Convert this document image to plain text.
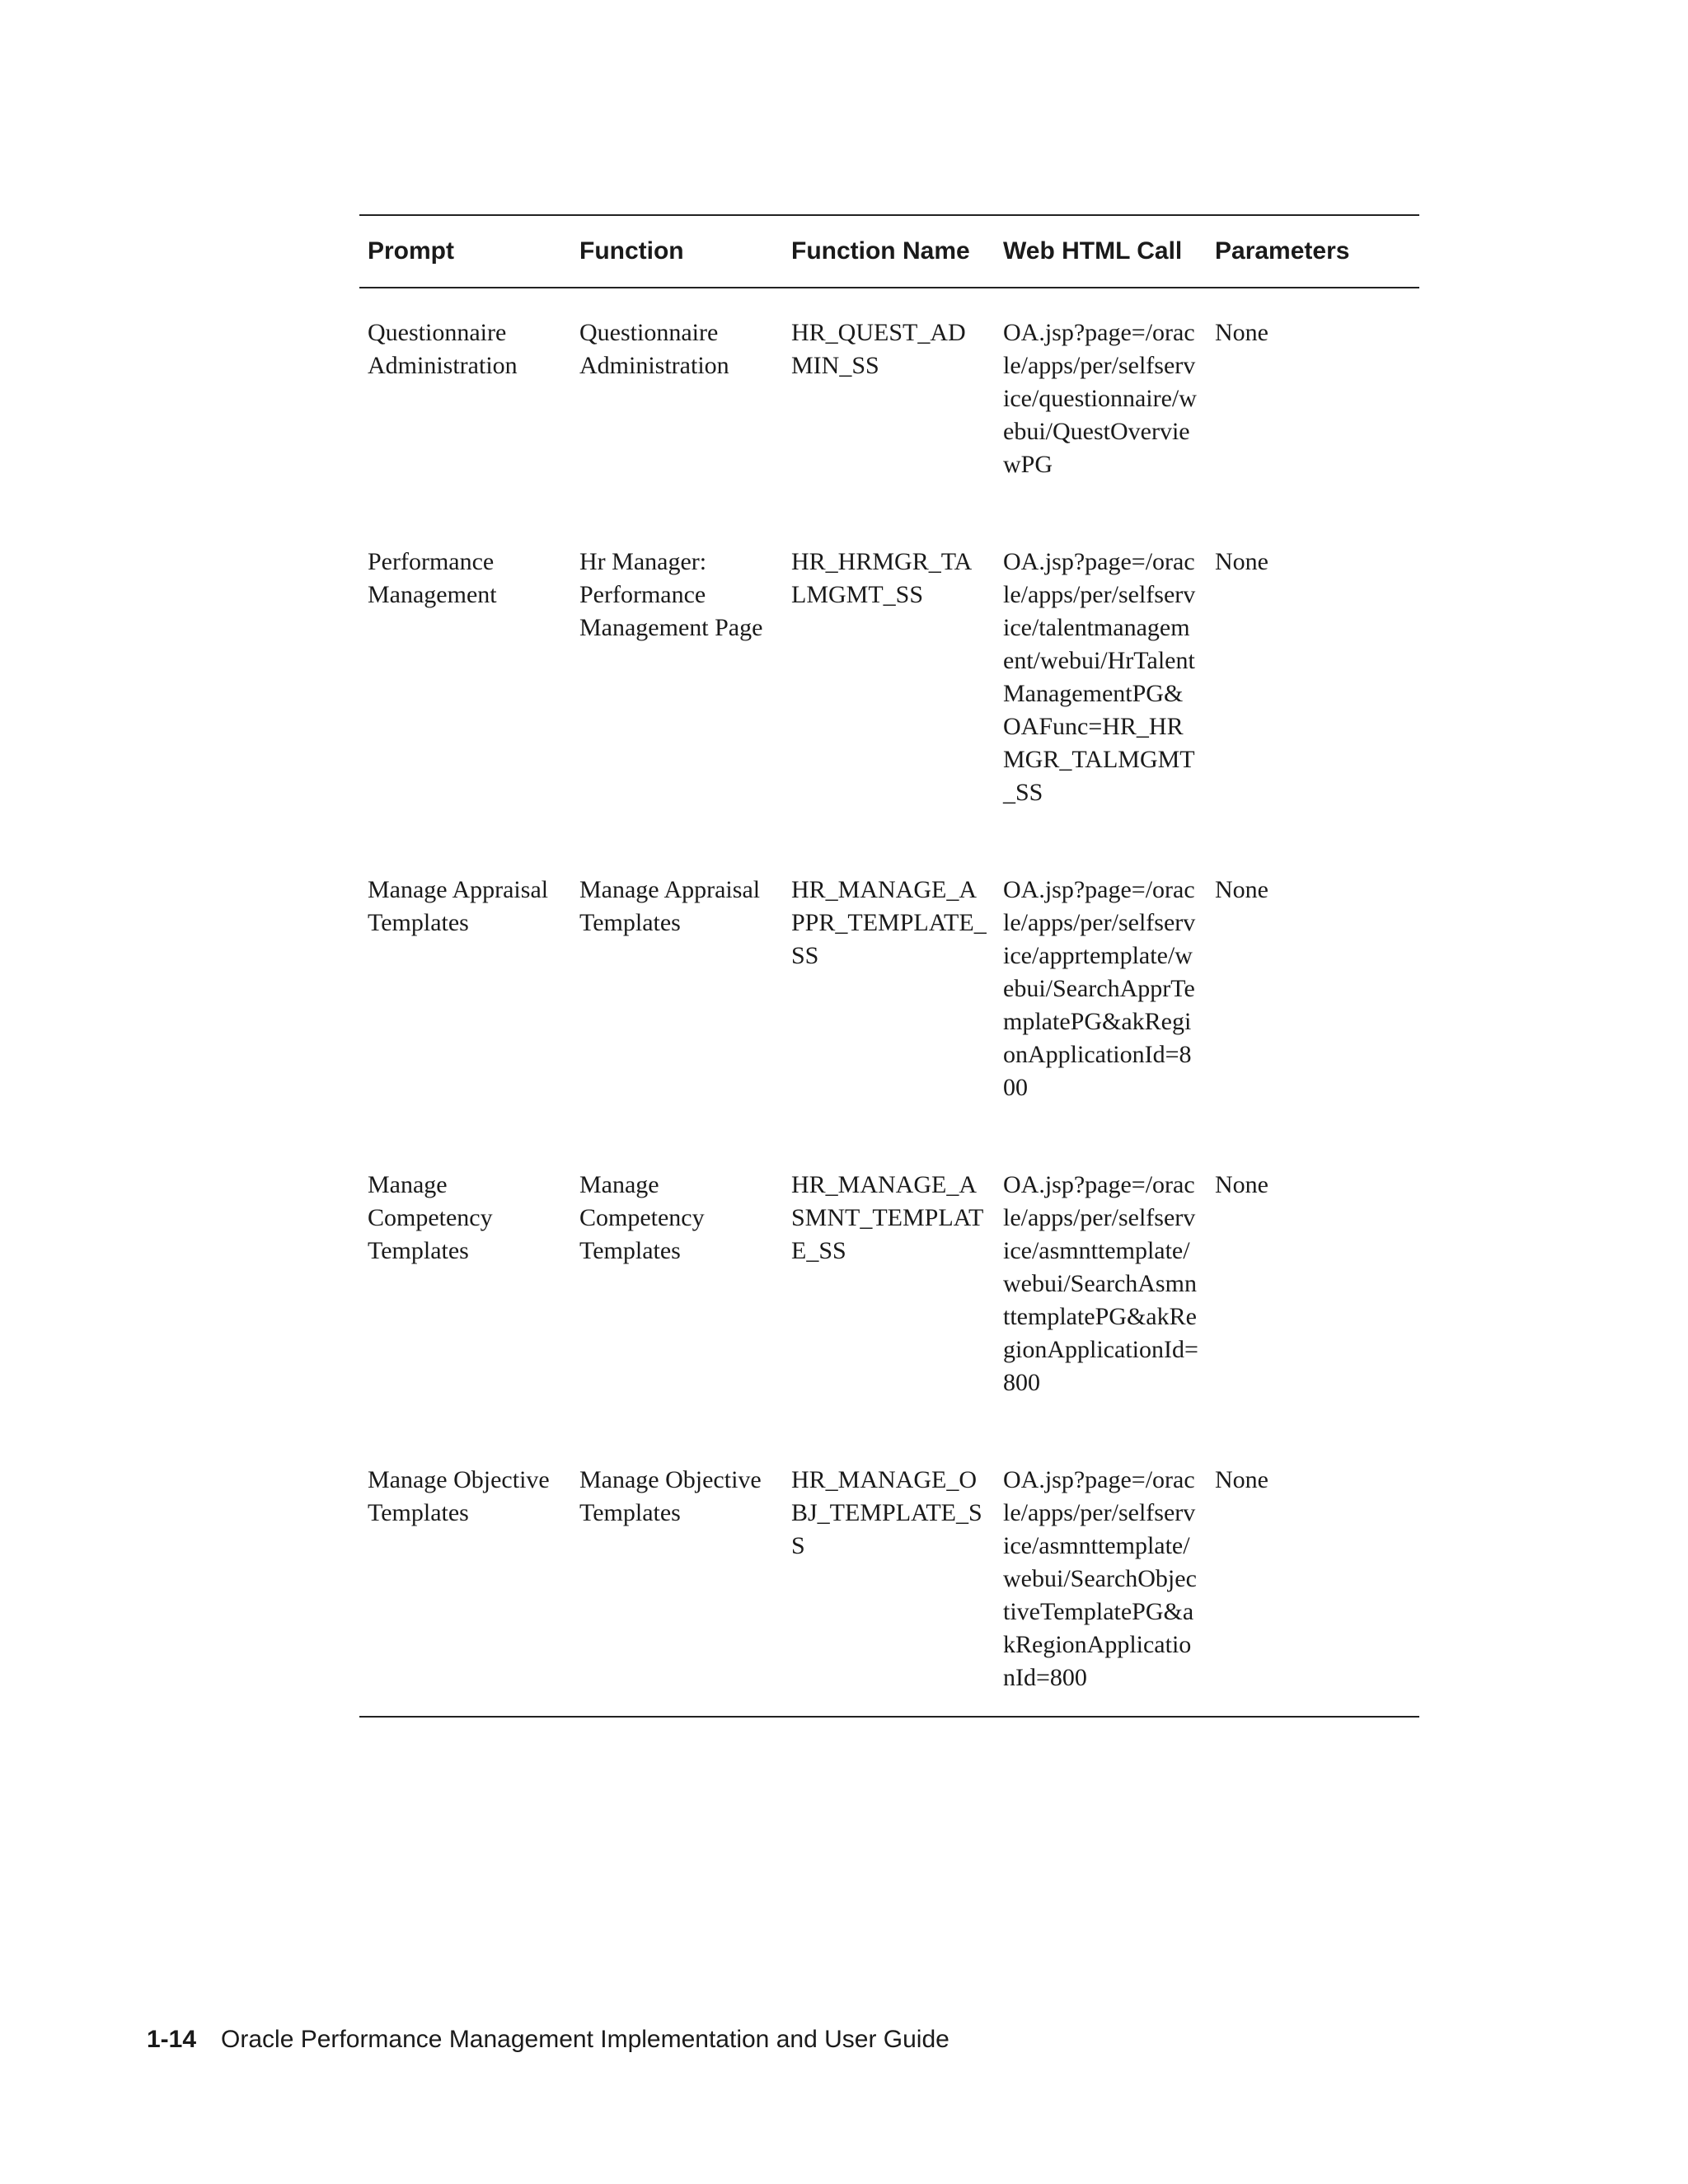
Prompt	Function	Function Name	Web HTML Call	Parameters
Questionnaire Administration	Questionnaire Administration	HR_QUEST_ADMIN_SS	OA.jsp?page=/oracle/apps/per/selfservice/questionnaire/webui/QuestOverviewPG	None
Performance Management	Hr Manager: Performance Management Page	HR_HRMGR_TALMGMT_SS	OA.jsp?page=/oracle/apps/per/selfservice/talentmanagement/webui/HrTalentManagementPG&OAFunc=HR_HRMGR_TALMGMT_SS	None
Manage Appraisal Templates	Manage Appraisal Templates	HR_MANAGE_APPR_TEMPLATE_SS	OA.jsp?page=/oracle/apps/per/selfservice/apprtemplate/webui/SearchApprTemplatePG&akRegionApplicationId=800	None
Manage Competency Templates	Manage Competency Templates	HR_MANAGE_ASMNT_TEMPLATE_SS	OA.jsp?page=/oracle/apps/per/selfservice/asmnttemplate/webui/SearchAsmnttemplatePG&akRegionApplicationId=800	None
Manage Objective Templates	Manage Objective Templates	HR_MANAGE_OBJ_TEMPLATE_SS	OA.jsp?page=/oracle/apps/per/selfservice/asmnttemplate/webui/SearchObjectiveTemplatePG&akRegionApplicationId=800	None
1-14 Oracle Performance Management Implementation and User Guide
